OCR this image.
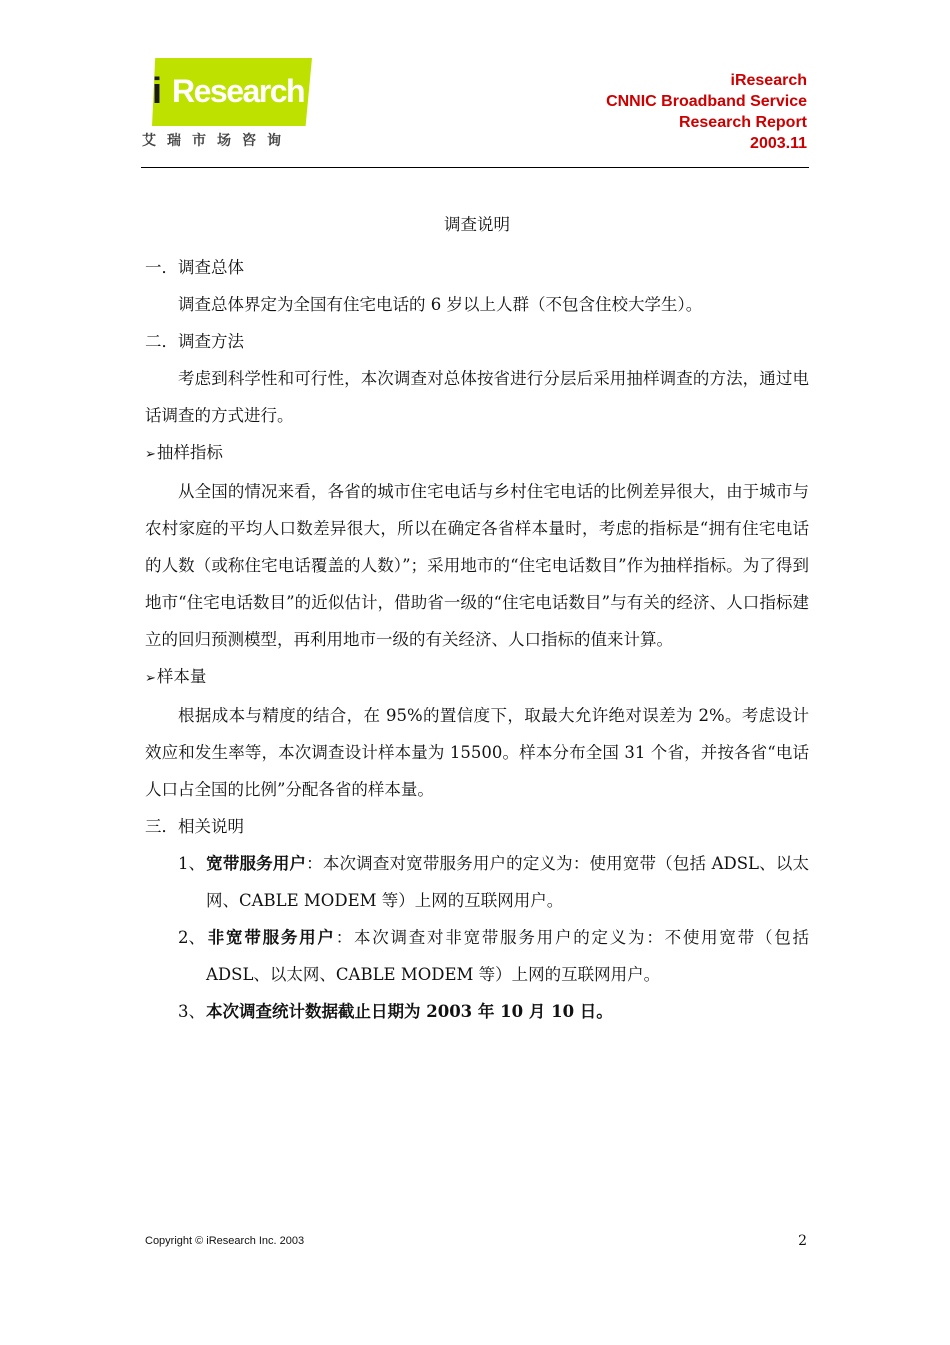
i Research
艾瑞市场咨询
iResearch
CNNIC Broadband Service
Research Report
2003.11
调查说明

一．调查总体

调查总体界定为全国有住宅电话的 6 岁以上人群（不包含住校大学生）。

二．调查方法

考虑到科学性和可行性，本次调查对总体按省进行分层后采用抽样调查的方法，通过电话调查的方式进行。

➢抽样指标

从全国的情况来看，各省的城市住宅电话与乡村住宅电话的比例差异很大，由于城市与农村家庭的平均人口数差异很大，所以在确定各省样本量时，考虑的指标是“拥有住宅电话的人数（或称住宅电话覆盖的人数）”；采用地市的“住宅电话数目”作为抽样指标。为了得到地市“住宅电话数目”的近似估计，借助省一级的“住宅电话数目”与有关的经济、人口指标建立的回归预测模型，再利用地市一级的有关经济、人口指标的值来计算。

➢样本量

根据成本与精度的结合，在 95%的置信度下，取最大允许绝对误差为 2%。考虑设计效应和发生率等，本次调查设计样本量为 15500。样本分布全国 31 个省，并按各省“电话人口占全国的比例”分配各省的样本量。

三．相关说明

1、宽带服务用户：本次调查对宽带服务用户的定义为：使用宽带（包括 ADSL、以太网、CABLE MODEM 等）上网的互联网用户。

2、非宽带服务用户：本次调查对非宽带服务用户的定义为：不使用宽带（包括 ADSL、以太网、CABLE MODEM 等）上网的互联网用户。

3、本次调查统计数据截止日期为 2003 年 10 月 10 日。

Copyright © iResearch Inc. 2003	2
